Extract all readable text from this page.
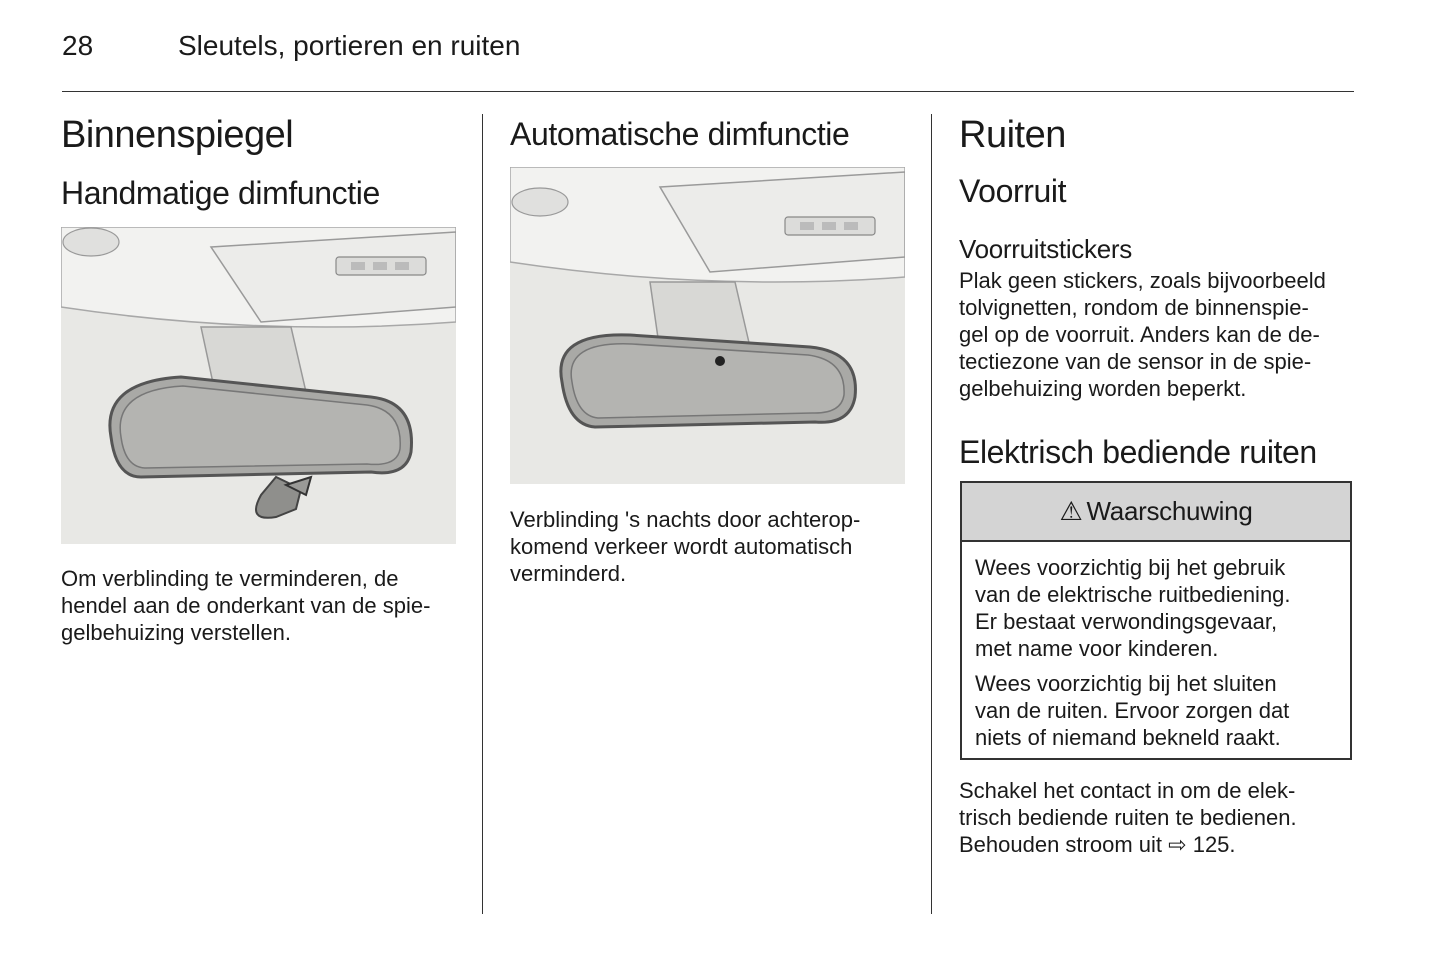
28	Sleutels, portieren en ruiten
Binnenspiegel
Handmatige dimfunctie
Om verblinding te verminderen, de
hendel aan de onderkant van de spie-
gelbehuizing verstellen.
Automatische dimfunctie
Verblinding 's nachts door achterop-
komend verkeer wordt automatisch
verminderd.
Ruiten
Voorruit
Voorruitstickers
Plak geen stickers, zoals bijvoorbeeld
tolvignetten, rondom de binnenspie-
gel op de voorruit. Anders kan de de-
tectiezone van de sensor in de spie-
gelbehuizing worden beperkt.
Elektrisch bediende ruiten
⚠ Waarschuwing

Wees voorzichtig bij het gebruik
van de elektrische ruitbediening.
Er bestaat verwondingsgevaar,
met name voor kinderen.

Wees voorzichtig bij het sluiten
van de ruiten. Ervoor zorgen dat
niets of niemand bekneld raakt.

Schakel het contact in om de elek-
trisch bediende ruiten te bedienen.
Behouden stroom uit ⇨ 125.
